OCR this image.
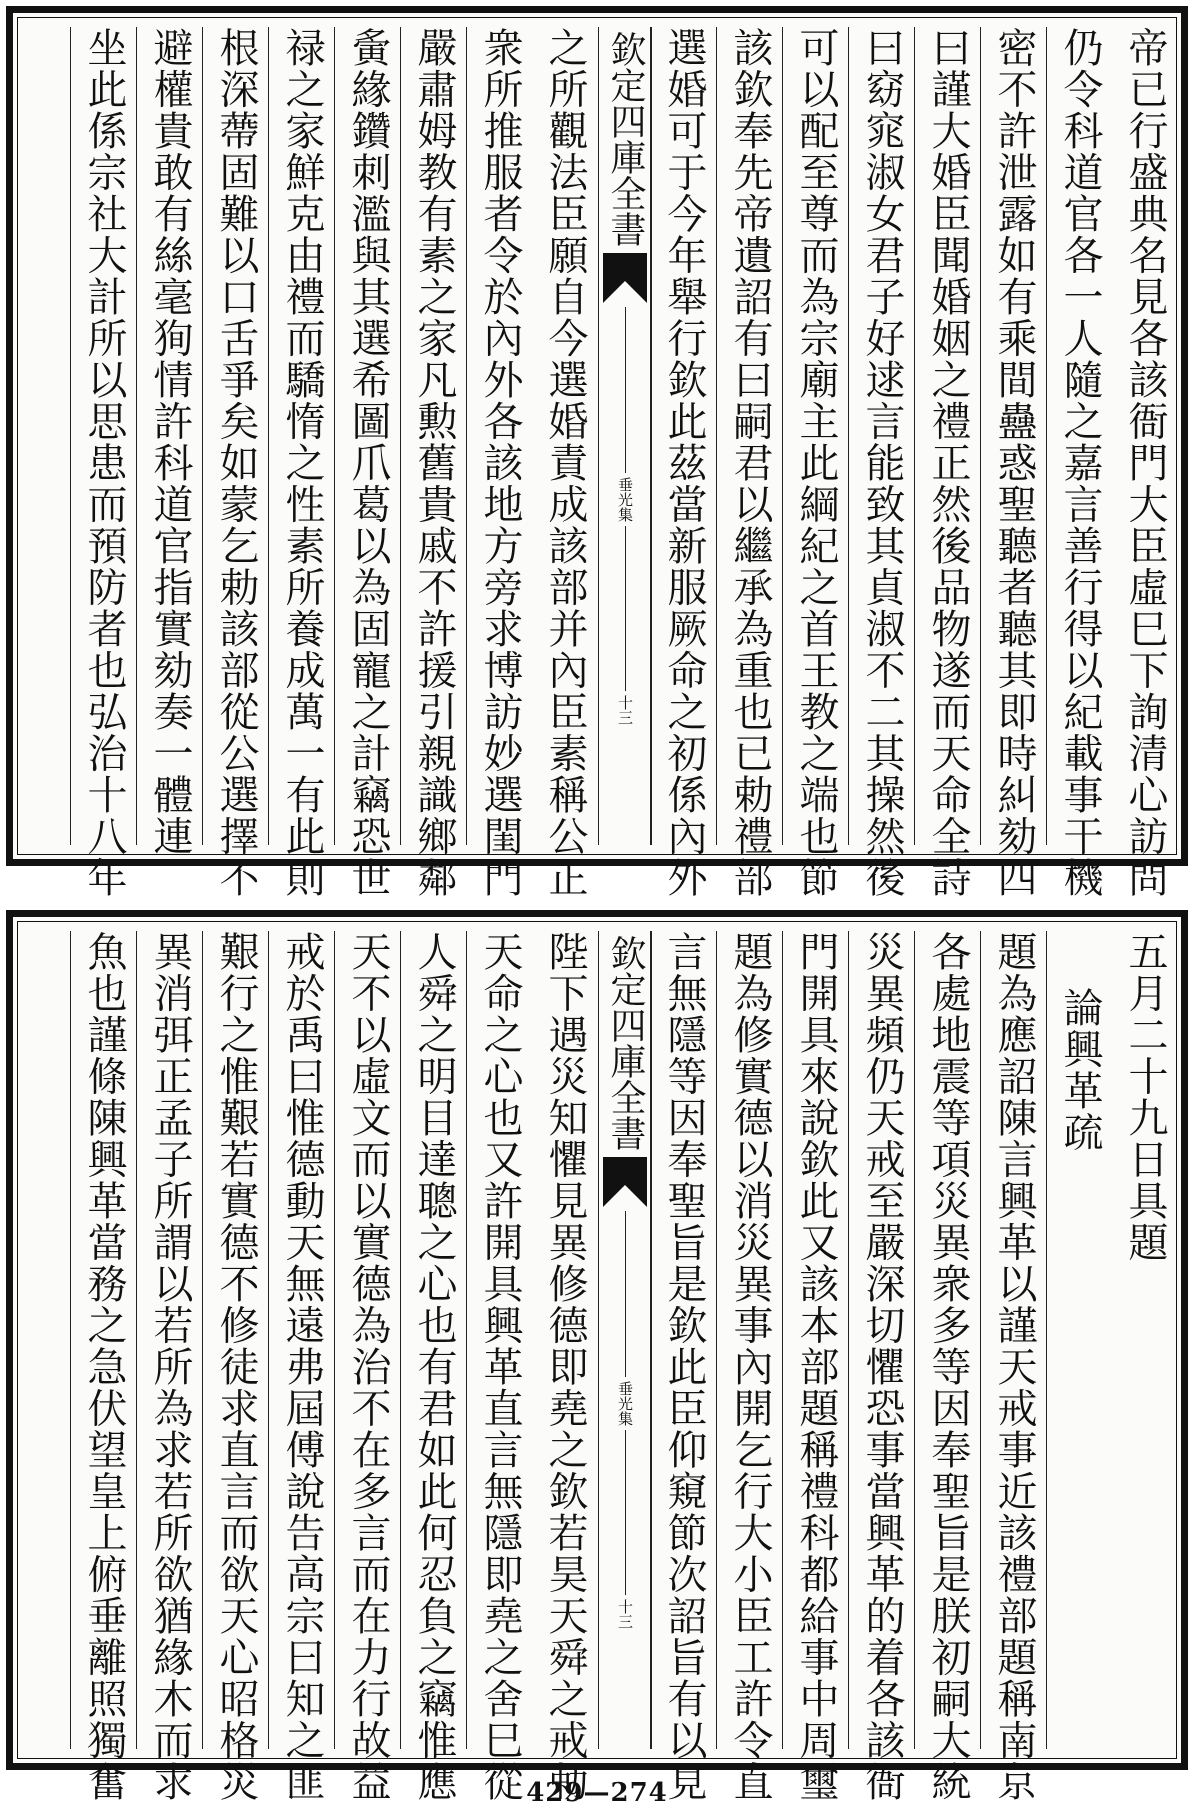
帝已行盛典名見各該衙門大臣虛巳下詢清心訪問
仍令科道官各一人隨之嘉言善行得以紀載事干機
密不許泄露如有乘間蠱惑聖聽者聽其即時糾劾四
曰謹大婚臣聞婚姻之禮正然後品物遂而天命全詩
曰窈窕淑女君子好逑言能致其貞淑不二其操然後
可以配至尊而為宗廟主此綱紀之首王教之端也節
該欽奉先帝遺詔有曰嗣君以繼承為重也已勅禮部
選婚可于今年舉行欽此茲當新服厥命之初係內外
欽定四庫全書
垂光集
十三
之所觀法臣願自今選婚責成該部并內臣素稱公正
衆所推服者令於內外各該地方旁求博訪妙選閨門
嚴肅姆教有素之家凡勲舊貴戚不許援引親識鄉鄰
夤緣鑽刺濫與其選希圖爪葛以為固寵之計竊恐世
禄之家鮮克由禮而驕惰之性素所養成萬一有此則
根深蔕固難以口舌爭矣如蒙乞勅該部從公選擇不
避權貴敢有絲毫狥情許科道官指實劾奏一體連
坐此係宗社大計所以思患而預防者也弘治十八年
五月二十九日具題
論興革疏
題為應詔陳言興革以謹天戒事近該禮部題稱南京
各處地震等項災異衆多等因奉聖旨是朕初嗣大統
災異頻仍天戒至嚴深切懼恐事當興革的着各該衙
門開具來說欽此又該本部題稱禮科都給事中周璽
題為修實德以消災異事內開乞行大小臣工許令直
言無隱等因奉聖旨是欽此臣仰窺節次詔旨有以見
欽定四庫全書
垂光集
十三
陛下遇災知懼見異修德即堯之欽若昊天舜之戒勅
天命之心也又許開具興革直言無隱即堯之舍巳從
人舜之明目達聰之心也有君如此何忍負之竊惟應
天不以虛文而以實德為治不在多言而在力行故益
戒於禹曰惟德動天無遠弗屆傅說告高宗曰知之匪
艱行之惟艱若實德不修徒求直言而欲天心昭格災
異消弭正孟子所謂以若所為求若所欲猶緣木而求
魚也謹條陳興革當務之急伏望皇上俯垂離照獨奮	429—274
